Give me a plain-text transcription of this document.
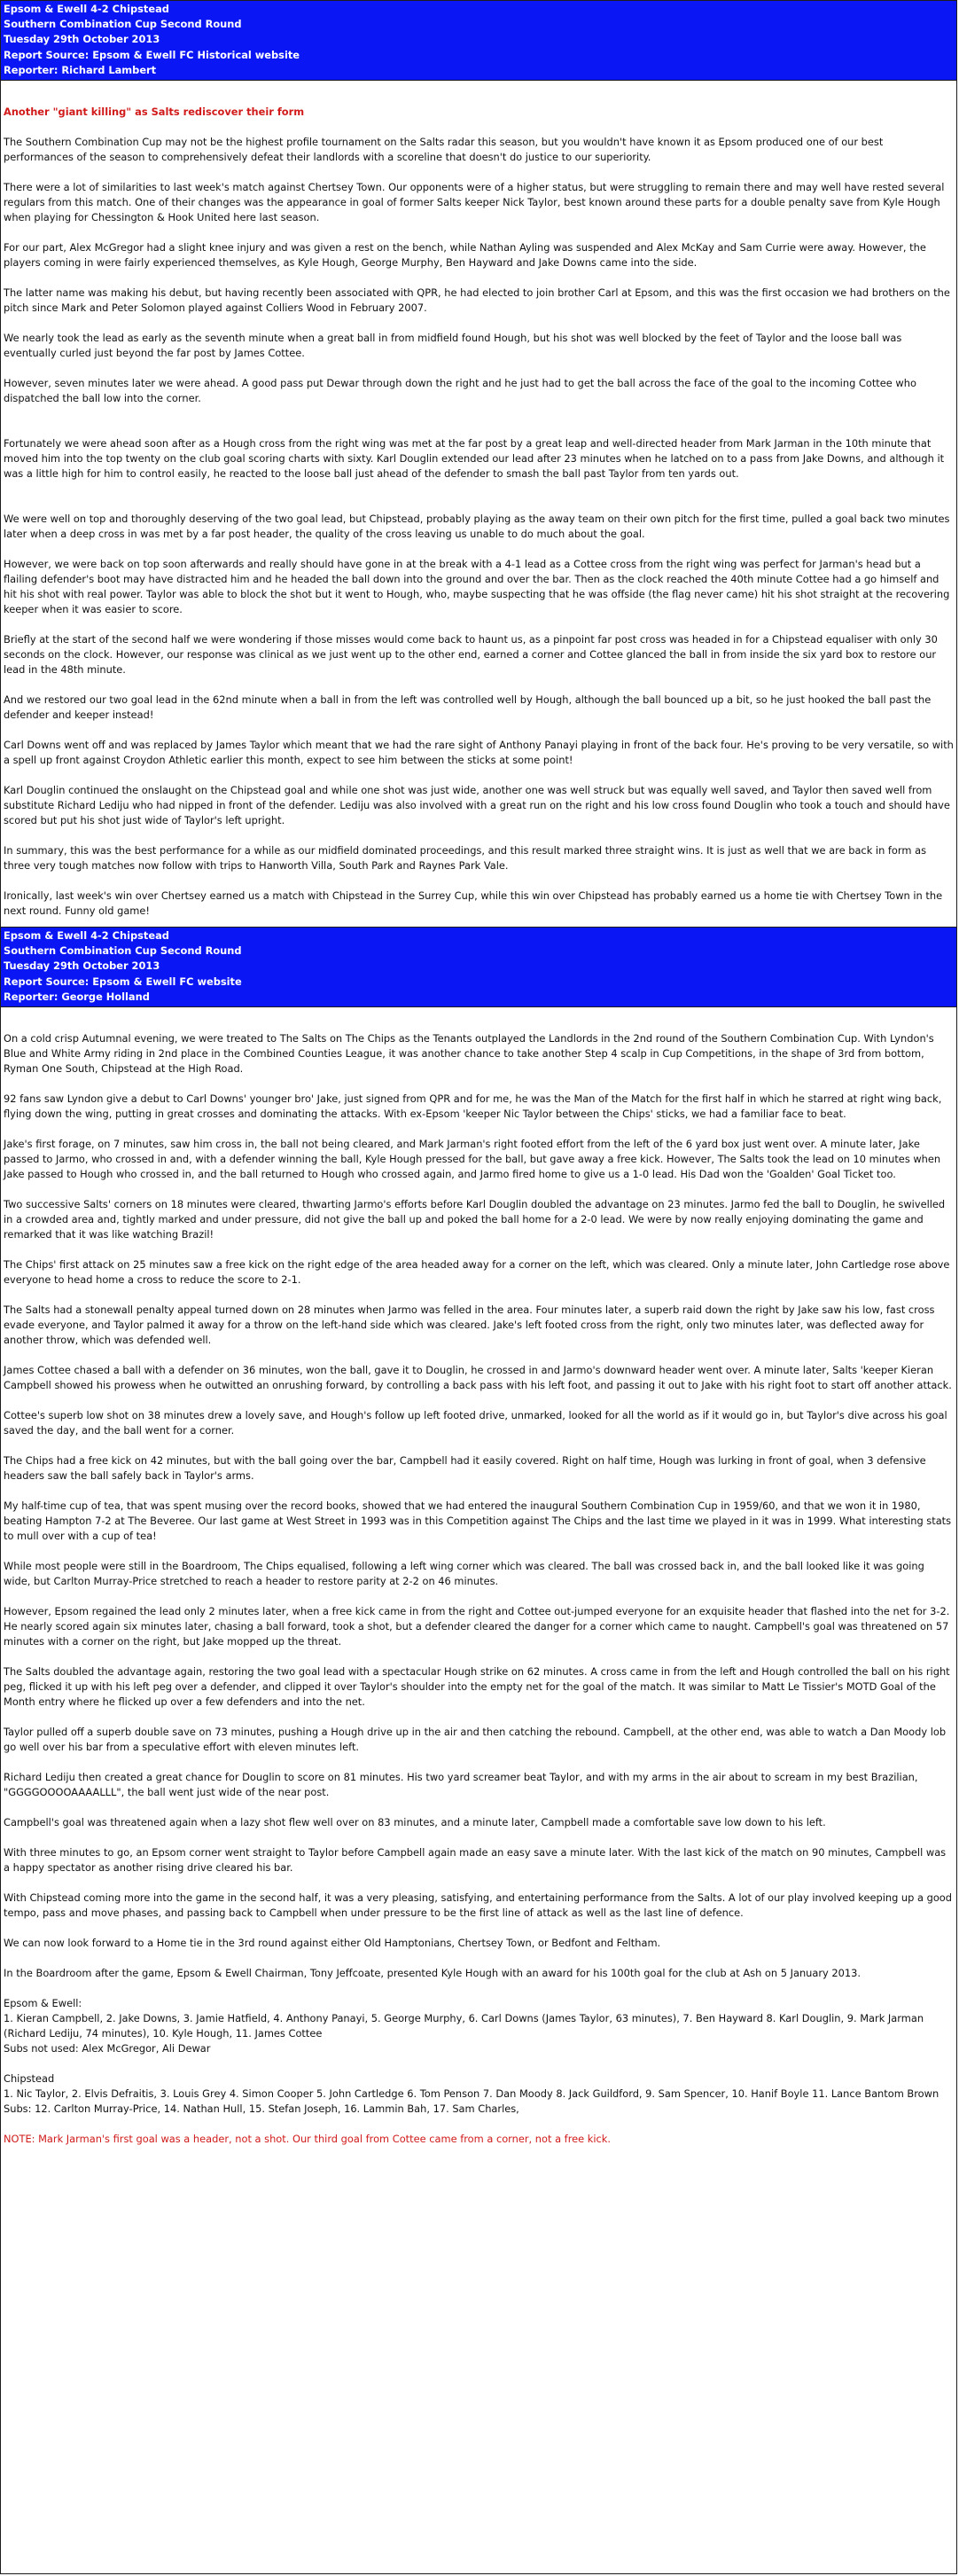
Epsom & Ewell 4-2 Chipstead
Southern Combination Cup Second Round
Tuesday 29th October 2013
Report Source: Epsom & Ewell FC Historical website
Reporter: Richard Lambert

Another "giant killing" as Salts rediscover their form

The Southern Combination Cup may not be the highest profile tournament on the Salts radar this season, but you wouldn't have known it as Epsom produced one of our best performances of the season to comprehensively defeat their landlords with a scoreline that doesn't do justice to our superiority.

There were a lot of similarities to last week's match against Chertsey Town. Our opponents were of a higher status, but were struggling to remain there and may well have rested several regulars from this match. One of their changes was the appearance in goal of former Salts keeper Nick Taylor, best known around these parts for a double penalty save from Kyle Hough when playing for Chessington & Hook United here last season.

For our part, Alex McGregor had a slight knee injury and was given a rest on the bench, while Nathan Ayling was suspended and Alex McKay and Sam Currie were away. However, the players coming in were fairly experienced themselves, as Kyle Hough, George Murphy, Ben Hayward and Jake Downs came into the side.

The latter name was making his debut, but having recently been associated with QPR, he had elected to join brother Carl at Epsom, and this was the first occasion we had brothers on the pitch since Mark and Peter Solomon played against Colliers Wood in February 2007.

We nearly took the lead as early as the seventh minute when a great ball in from midfield found Hough, but his shot was well blocked by the feet of Taylor and the loose ball was eventually curled just beyond the far post by James Cottee.

However, seven minutes later we were ahead. A good pass put Dewar through down the right and he just had to get the ball across the face of the goal to the incoming Cottee who dispatched the ball low into the corner.

Fortunately we were ahead soon after as a Hough cross from the right wing was met at the far post by a great leap and well-directed header from Mark Jarman in the 10th minute that moved him into the top twenty on the club goal scoring charts with sixty. Karl Douglin extended our lead after 23 minutes when he latched on to a pass from Jake Downs, and although it was a little high for him to control easily, he reacted to the loose ball just ahead of the defender to smash the ball past Taylor from ten yards out.

We were well on top and thoroughly deserving of the two goal lead, but Chipstead, probably playing as the away team on their own pitch for the first time, pulled a goal back two minutes later when a deep cross in was met by a far post header, the quality of the cross leaving us unable to do much about the goal.

However, we were back on top soon afterwards and really should have gone in at the break with a 4-1 lead as a Cottee cross from the right wing was perfect for Jarman's head but a flailing defender's boot may have distracted him and he headed the ball down into the ground and over the bar. Then as the clock reached the 40th minute Cottee had a go himself and hit his shot with real power. Taylor was able to block the shot but it went to Hough, who, maybe suspecting that he was offside (the flag never came) hit his shot straight at the recovering keeper when it was easier to score.

Briefly at the start of the second half we were wondering if those misses would come back to haunt us, as a pinpoint far post cross was headed in for a Chipstead equaliser with only 30 seconds on the clock. However, our response was clinical as we just went up to the other end, earned a corner and Cottee glanced the ball in from inside the six yard box to restore our lead in the 48th minute.

And we restored our two goal lead in the 62nd minute when a ball in from the left was controlled well by Hough, although the ball bounced up a bit, so he just hooked the ball past the defender and keeper instead!

Carl Downs went off and was replaced by James Taylor which meant that we had the rare sight of Anthony Panayi playing in front of the back four. He's proving to be very versatile, so with a spell up front against Croydon Athletic earlier this month, expect to see him between the sticks at some point!

Karl Douglin continued the onslaught on the Chipstead goal and while one shot was just wide, another one was well struck but was equally well saved, and Taylor then saved well from substitute Richard Lediju who had nipped in front of the defender. Lediju was also involved with a great run on the right and his low cross found Douglin who took a touch and should have scored but put his shot just wide of Taylor's left upright.

In summary, this was the best performance for a while as our midfield dominated proceedings, and this result marked three straight wins. It is just as well that we are back in form as three very tough matches now follow with trips to Hanworth Villa, South Park and Raynes Park Vale.

Ironically, last week's win over Chertsey earned us a match with Chipstead in the Surrey Cup, while this win over Chipstead has probably earned us a home tie with Chertsey Town in the next round. Funny old game!

Epsom & Ewell 4-2 Chipstead
Southern Combination Cup Second Round
Tuesday 29th October 2013
Report Source: Epsom & Ewell FC website
Reporter: George Holland

On a cold crisp Autumnal evening, we were treated to The Salts on The Chips as the Tenants outplayed the Landlords in the 2nd round of the Southern Combination Cup. With Lyndon's Blue and White Army riding in 2nd place in the Combined Counties League, it was another chance to take another Step 4 scalp in Cup Competitions, in the shape of 3rd from bottom, Ryman One South, Chipstead at the High Road.

92 fans saw Lyndon give a debut to Carl Downs' younger bro' Jake, just signed from QPR and for me, he was the Man of the Match for the first half in which he starred at right wing back, flying down the wing, putting in great crosses and dominating the attacks. With ex-Epsom 'keeper Nic Taylor between the Chips' sticks, we had a familiar face to beat.

Jake's first forage, on 7 minutes, saw him cross in, the ball not being cleared, and Mark Jarman's right footed effort from the left of the 6 yard box just went over. A minute later, Jake passed to Jarmo, who crossed in and, with a defender winning the ball, Kyle Hough pressed for the ball, but gave away a free kick. However, The Salts took the lead on 10 minutes when Jake passed to Hough who crossed in, and the ball returned to Hough who crossed again, and Jarmo fired home to give us a 1-0 lead. His Dad won the 'Goalden' Goal Ticket too.

Two successive Salts' corners on 18 minutes were cleared, thwarting Jarmo's efforts before Karl Douglin doubled the advantage on 23 minutes. Jarmo fed the ball to Douglin, he swivelled in a crowded area and, tightly marked and under pressure, did not give the ball up and poked the ball home for a 2-0 lead. We were by now really enjoying dominating the game and remarked that it was like watching Brazil!

The Chips' first attack on 25 minutes saw a free kick on the right edge of the area headed away for a corner on the left, which was cleared. Only a minute later, John Cartledge rose above everyone to head home a cross to reduce the score to 2-1.

The Salts had a stonewall penalty appeal turned down on 28 minutes when Jarmo was felled in the area. Four minutes later, a superb raid down the right by Jake saw his low, fast cross evade everyone, and Taylor palmed it away for a throw on the left-hand side which was cleared. Jake's left footed cross from the right, only two minutes later, was deflected away for another throw, which was defended well.

James Cottee chased a ball with a defender on 36 minutes, won the ball, gave it to Douglin, he crossed in and Jarmo's downward header went over. A minute later, Salts 'keeper Kieran Campbell showed his prowess when he outwitted an onrushing forward, by controlling a back pass with his left foot, and passing it out to Jake with his right foot to start off another attack.

Cottee's superb low shot on 38 minutes drew a lovely save, and Hough's follow up left footed drive, unmarked, looked for all the world as if it would go in, but Taylor's dive across his goal saved the day, and the ball went for a corner.

The Chips had a free kick on 42 minutes, but with the ball going over the bar, Campbell had it easily covered. Right on half time, Hough was lurking in front of goal, when 3 defensive headers saw the ball safely back in Taylor's arms.

My half-time cup of tea, that was spent musing over the record books, showed that we had entered the inaugural Southern Combination Cup in 1959/60, and that we won it in 1980, beating Hampton 7-2 at The Beveree. Our last game at West Street in 1993 was in this Competition against The Chips and the last time we played in it was in 1999. What interesting stats to mull over with a cup of tea!

While most people were still in the Boardroom, The Chips equalised, following a left wing corner which was cleared. The ball was crossed back in, and the ball looked like it was going wide, but Carlton Murray-Price stretched to reach a header to restore parity at 2-2 on 46 minutes.

However, Epsom regained the lead only 2 minutes later, when a free kick came in from the right and Cottee out-jumped everyone for an exquisite header that flashed into the net for 3-2. He nearly scored again six minutes later, chasing a ball forward, took a shot, but a defender cleared the danger for a corner which came to naught. Campbell's goal was threatened on 57 minutes with a corner on the right, but Jake mopped up the threat.

The Salts doubled the advantage again, restoring the two goal lead with a spectacular Hough strike on 62 minutes. A cross came in from the left and Hough controlled the ball on his right peg, flicked it up with his left peg over a defender, and clipped it over Taylor's shoulder into the empty net for the goal of the match. It was similar to Matt Le Tissier's MOTD Goal of the Month entry where he flicked up over a few defenders and into the net.

Taylor pulled off a superb double save on 73 minutes, pushing a Hough drive up in the air and then catching the rebound. Campbell, at the other end, was able to watch a Dan Moody lob go well over his bar from a speculative effort with eleven minutes left.

Richard Lediju then created a great chance for Douglin to score on 81 minutes. His two yard screamer beat Taylor, and with my arms in the air about to scream in my best Brazilian, "GGGGOOOOAAAALLL", the ball went just wide of the near post.

Campbell's goal was threatened again when a lazy shot flew well over on 83 minutes, and a minute later, Campbell made a comfortable save low down to his left.

With three minutes to go, an Epsom corner went straight to Taylor before Campbell again made an easy save a minute later. With the last kick of the match on 90 minutes, Campbell was a happy spectator as another rising drive cleared his bar.

With Chipstead coming more into the game in the second half, it was a very pleasing, satisfying, and entertaining performance from the Salts. A lot of our play involved keeping up a good tempo, pass and move phases, and passing back to Campbell when under pressure to be the first line of attack as well as the last line of defence.

We can now look forward to a Home tie in the 3rd round against either Old Hamptonians, Chertsey Town, or Bedfont and Feltham.

In the Boardroom after the game, Epsom & Ewell Chairman, Tony Jeffcoate, presented Kyle Hough with an award for his 100th goal for the club at Ash on 5 January 2013.

Epsom & Ewell:

1. Kieran Campbell, 2. Jake Downs, 3. Jamie Hatfield, 4. Anthony Panayi, 5. George Murphy, 6. Carl Downs (James Taylor, 63 minutes), 7. Ben Hayward 8. Karl Douglin, 9. Mark Jarman (Richard Lediju, 74 minutes), 10. Kyle Hough, 11. James Cottee

Subs not used: Alex McGregor, Ali Dewar

Chipstead

1. Nic Taylor, 2. Elvis Defraitis, 3. Louis Grey 4. Simon Cooper 5. John Cartledge 6. Tom Penson 7. Dan Moody 8. Jack Guildford, 9. Sam Spencer, 10. Hanif Boyle 11. Lance Bantom Brown

Subs: 12. Carlton Murray-Price, 14. Nathan Hull, 15. Stefan Joseph, 16. Lammin Bah, 17. Sam Charles,

NOTE: Mark Jarman's first goal was a header, not a shot. Our third goal from Cottee came from a corner, not a free kick.
